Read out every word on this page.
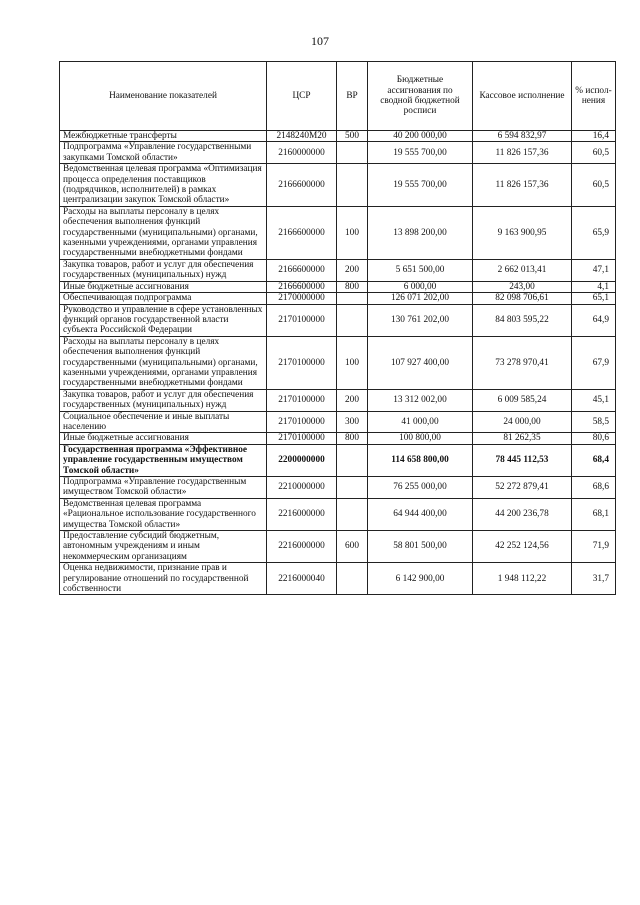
107
Наименование показателей	ЦСР	ВР	Бюджетные ассигнования по сводной бюджетной росписи	Кассовое исполнение	% испол-нения
Межбюджетные трансферты	2148240М20	500	40 200 000,00	6 594 832,97	16,4
Подпрограмма «Управление государственными закупками Томской области»	2160000000		19 555 700,00	11 826 157,36	60,5
Ведомственная целевая программа «Оптимизация процесса определения поставщиков (подрядчиков, исполнителей) в рамках централизации закупок Томской области»	2166600000		19 555 700,00	11 826 157,36	60,5
Расходы на выплаты персоналу в целях обеспечения выполнения функций государственными (муниципальными) органами, казенными учреждениями, органами управления государственными внебюджетными фондами	2166600000	100	13 898 200,00	9 163 900,95	65,9
Закупка товаров, работ и услуг для обеспечения государственных (муниципальных) нужд	2166600000	200	5 651 500,00	2 662 013,41	47,1
Иные бюджетные ассигнования	2166600000	800	6 000,00	243,00	4,1
Обеспечивающая подпрограмма	2170000000		126 071 202,00	82 098 706,61	65,1
Руководство и управление в сфере установленных функций органов государственной власти субъекта Российской Федерации	2170100000		130 761 202,00	84 803 595,22	64,9
Расходы на выплаты персоналу в целях обеспечения выполнения функций государственными (муниципальными) органами, казенными учреждениями, органами управления государственными внебюджетными фондами	2170100000	100	107 927 400,00	73 278 970,41	67,9
Закупка товаров, работ и услуг для обеспечения государственных (муниципальных) нужд	2170100000	200	13 312 002,00	6 009 585,24	45,1
Социальное обеспечение и иные выплаты населению	2170100000	300	41 000,00	24 000,00	58,5
Иные бюджетные ассигнования	2170100000	800	100 800,00	81 262,35	80,6
Государственная программа «Эффективное управление государственным имуществом Томской области»	2200000000		114 658 800,00	78 445 112,53	68,4
Подпрограмма «Управление государственным имуществом Томской области»	2210000000		76 255 000,00	52 272 879,41	68,6
Ведомственная целевая программа «Рациональное использование государственного имущества Томской области»	2216000000		64 944 400,00	44 200 236,78	68,1
Предоставление субсидий бюджетным, автономным учреждениям и иным некоммерческим организациям	2216000000	600	58 801 500,00	42 252 124,56	71,9
Оценка недвижимости, признание прав и регулирование отношений по государственной собственности	2216000040		6 142 900,00	1 948 112,22	31,7
